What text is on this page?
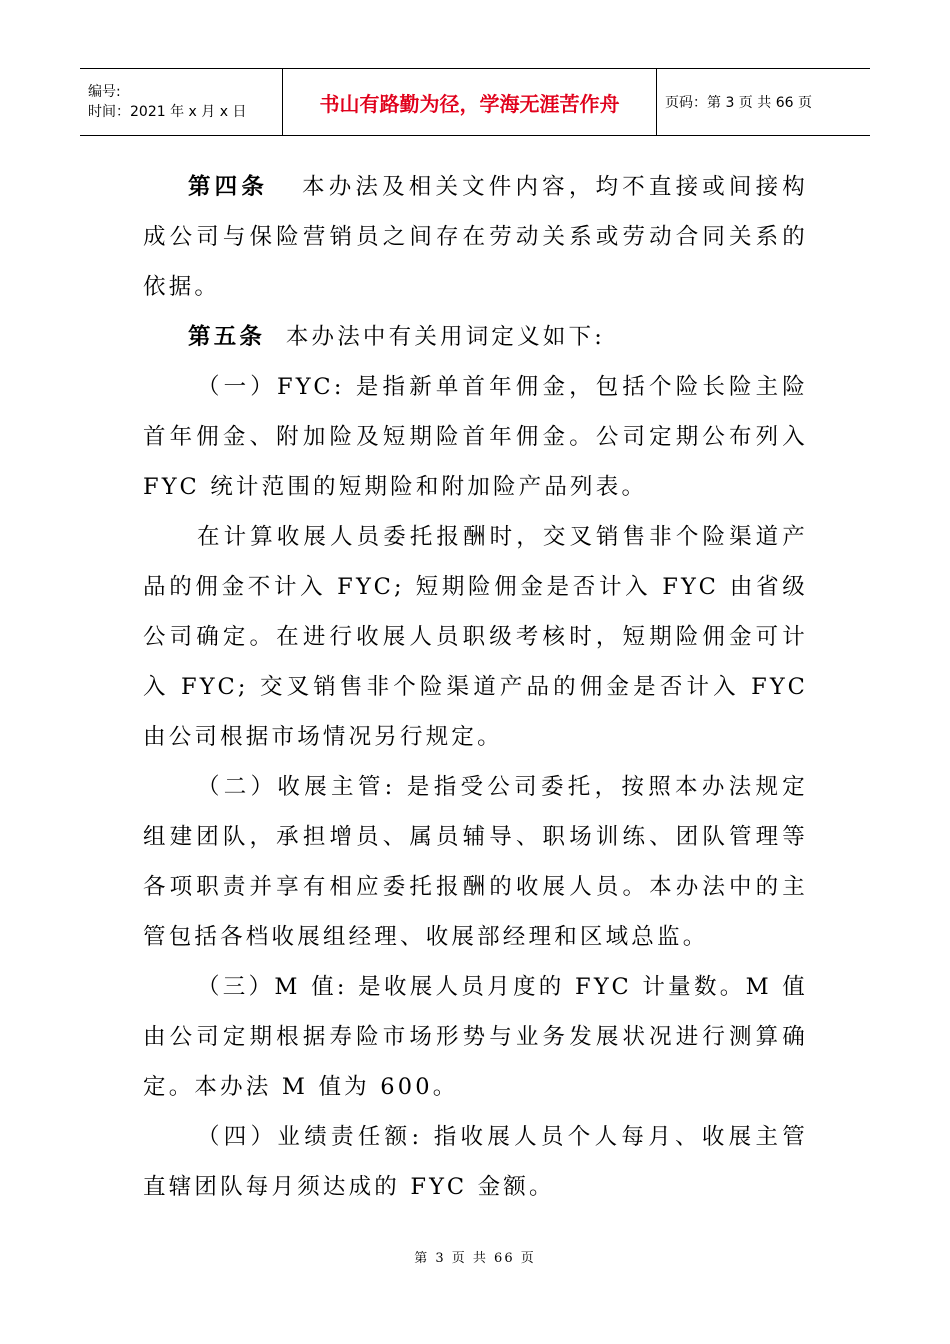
编号:
时间：2021 年 x 月 x 日	书山有路勤为径，学海无涯苦作舟	页码：第 3 页 共 66 页

第四条 本办法及相关文件内容，均不直接或间接构成公司与保险营销员之间存在劳动关系或劳动合同关系的依据。

第五条 本办法中有关用词定义如下:

（一）FYC: 是指新单首年佣金，包括个险长险主险首年佣金、附加险及短期险首年佣金。公司定期公布列入 FYC 统计范围的短期险和附加险产品列表。

在计算收展人员委托报酬时，交叉销售非个险渠道产品的佣金不计入 FYC; 短期险佣金是否计入 FYC 由省级公司确定。在进行收展人员职级考核时，短期险佣金可计入 FYC; 交叉销售非个险渠道产品的佣金是否计入 FYC 由公司根据市场情况另行规定。

（二）收展主管: 是指受公司委托，按照本办法规定组建团队，承担增员、属员辅导、职场训练、团队管理等各项职责并享有相应委托报酬的收展人员。本办法中的主管包括各档收展组经理、收展部经理和区域总监。

（三）M 值: 是收展人员月度的 FYC 计量数。M 值由公司定期根据寿险市场形势与业务发展状况进行测算确定。本办法 M 值为 600。

（四）业绩责任额: 指收展人员个人每月、收展主管直辖团队每月须达成的 FYC 金额。

第 3 页 共 66 页
